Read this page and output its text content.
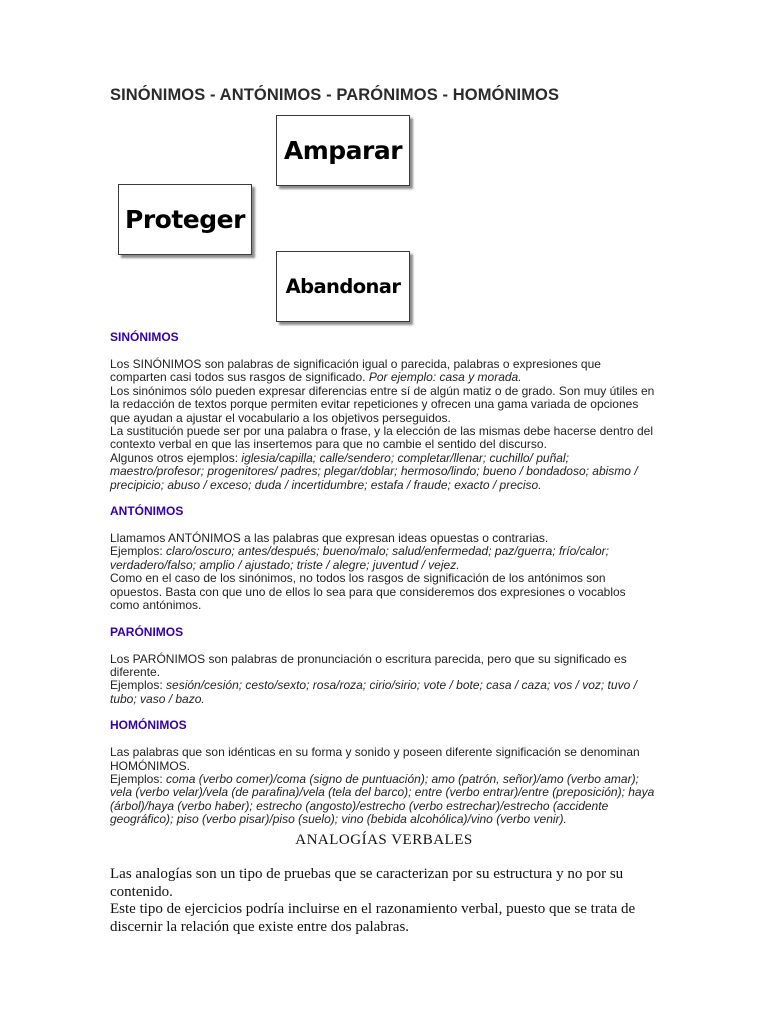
SINÓNIMOS - ANTÓNIMOS - PARÓNIMOS - HOMÓNIMOS
Amparar
Proteger
Abandonar
SINÓNIMOS

Los SINÓNIMOS son palabras de significación igual o parecida, palabras o expresiones que comparten casi todos sus rasgos de significado. Por ejemplo: casa y morada.

Los sinónimos sólo pueden expresar diferencias entre sí de algún matiz o de grado. Son muy útiles en la redacción de textos porque permiten evitar repeticiones y ofrecen una gama variada de opciones que ayudan a ajustar el vocabulario a los objetivos perseguidos.

La sustitución puede ser por una palabra o frase, y la elección de las mismas debe hacerse dentro del contexto verbal en que las insertemos para que no cambie el sentido del discurso.

Algunos otros ejemplos: iglesia/capilla; calle/sendero; completar/llenar; cuchillo/ puñal; maestro/profesor; progenitores/ padres; plegar/doblar; hermoso/lindo; bueno / bondadoso; abismo / precipicio; abuso / exceso; duda / incertidumbre; estafa / fraude; exacto / preciso.

ANTÓNIMOS

Llamamos ANTÓNIMOS a las palabras que expresan ideas opuestas o contrarias.

Ejemplos: claro/oscuro; antes/después; bueno/malo; salud/enfermedad; paz/guerra; frío/calor; verdadero/falso; amplio / ajustado; triste / alegre; juventud / vejez.

Como en el caso de los sinónimos, no todos los rasgos de significación de los antónimos son opuestos. Basta con que uno de ellos lo sea para que consideremos dos expresiones o vocablos como antónimos.

PARÓNIMOS

Los PARÓNIMOS son palabras de pronunciación o escritura parecida, pero que su significado es diferente.

Ejemplos: sesión/cesión; cesto/sexto; rosa/roza; cirio/sirio; vote / bote; casa / caza; vos / voz; tuvo / tubo; vaso / bazo.

HOMÓNIMOS

Las palabras que son idénticas en su forma y sonido y poseen diferente significación se denominan HOMÓNIMOS.

Ejemplos: coma (verbo comer)/coma (signo de puntuación); amo (patrón, señor)/amo (verbo amar); vela (verbo velar)/vela (de parafina)/vela (tela del barco); entre (verbo entrar)/entre (preposición); haya (árbol)/haya (verbo haber); estrecho (angosto)/estrecho (verbo estrechar)/estrecho (accidente geográfico); piso (verbo pisar)/piso (suelo); vino (bebida alcohólica)/vino (verbo venir).

ANALOGÍAS VERBALES

Las analogías son un tipo de pruebas que se caracterizan por su estructura y no por su contenido.

Este tipo de ejercicios podría incluirse en el razonamiento verbal, puesto que se trata de discernir la relación que existe entre dos palabras.
